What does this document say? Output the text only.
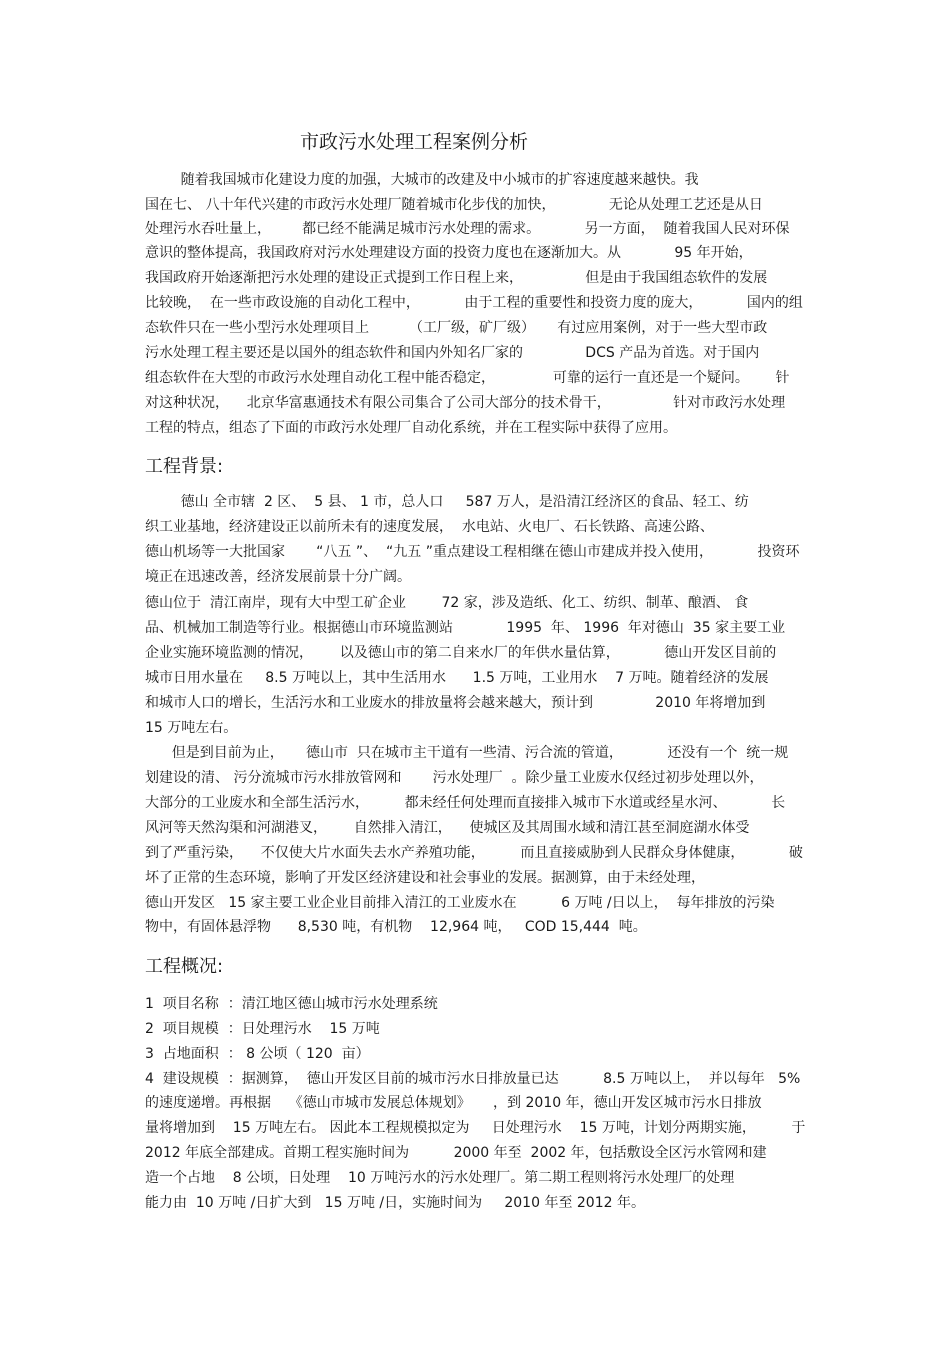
市政污水处理工程案例分析
随着我国城市化建设力度的加强，大城市的改建及中小城市的扩容速度越来越快。我
国在七、 八十年代兴建的市政污水处理厂随着城市化步伐的加快，            无论从处理工艺还是从日
处理污水吞吐量上，       都已经不能满足城市污水处理的需求。          另一方面，  随着我国人民对环保
意识的整体提高，我国政府对污水处理建设方面的投资力度也在逐渐加大。从            95 年开始，
我国政府开始逐渐把污水处理的建设正式提到工作日程上来，              但是由于我国组态软件的发展
比较晚，  在一些市政设施的自动化工程中，          由于工程的重要性和投资力度的庞大，          国内的组
态软件只在一些小型污水处理项目上         （工厂级，矿厂级）     有过应用案例，对于一些大型市政
污水处理工程主要还是以国外的组态软件和国内外知名厂家的              DCS 产品为首选。对于国内
组态软件在大型的市政污水处理自动化工程中能否稳定，             可靠的运行一直还是一个疑问。      针
对这种状况，    北京华富惠通技术有限公司集合了公司大部分的技术骨干，              针对市政污水处理
工程的特点，组态了下面的市政污水处理厂自动化系统，并在工程实际中获得了应用。
工程背景:
德山 全市辖  2 区、  5 县、 1 市，总人口     587 万人，是沿清江经济区的食品、轻工、纺
织工业基地，经济建设正以前所未有的速度发展，  水电站、火电厂、石长铁路、高速公路、
德山机场等一大批国家       “八五 ”、  “九五 ”重点建设工程相继在德山市建成并投入使用，          投资环
境正在迅速改善，经济发展前景十分广阔。
德山位于  清江南岸，现有大中型工矿企业        72 家，涉及造纸、化工、纺织、制革、酿酒、 食
品、机械加工制造等行业。根据德山市环境监测站            1995  年、 1996  年对德山  35 家主要工业
企业实施环境监测的情况，      以及德山市的第二自来水厂的年供水量估算，          德山开发区目前的
城市日用水量在     8.5 万吨以上，其中生活用水      1.5 万吨，工业用水    7 万吨。随着经济的发展
和城市人口的增长，生活污水和工业废水的排放量将会越来越大，预计到              2010 年将增加到
15 万吨左右。
但是到目前为止，     德山市  只在城市主干道有一些清、污合流的管道，          还没有一个  统一规
划建设的清、 污分流城市污水排放管网和       污水处理厂  。除少量工业废水仅经过初步处理以外，
大部分的工业废水和全部生活污水，        都未经任何处理而直接排入城市下水道或经星水河、          长
风河等天然沟渠和河湖港叉，      自然排入清江，    使城区及其周围水域和清江甚至洞庭湖水体受
到了严重污染，    不仅使大片水面失去水产养殖功能，        而且直接威胁到人民群众身体健康，          破
坏了正常的生态环境，影响了开发区经济建设和社会事业的发展。据测算，由于未经处理，
德山开发区   15 家主要工业企业目前排入清江的工业废水在          6 万吨 /日以上，  每年排放的污染
物中，有固体悬浮物      8,530 吨，有机物    12,964 吨，   COD 15,444  吨。
工程概况:
1  项目名称  ：清江地区德山城市污水处理系统
2  项目规模  ：日处理污水    15 万吨
3  占地面积  ： 8 公顷（ 120  亩）
4  建设规模  ：据测算，  德山开发区目前的城市污水日排放量已达          8.5 万吨以上，  并以每年   5%
的速度递增。再根据    《德山市城市发展总体规划》     ，到 2010 年，德山开发区城市污水日排放
量将增加到    15 万吨左右。 因此本工程规模拟定为     日处理污水    15 万吨，计划分两期实施，        于
2012 年底全部建成。首期工程实施时间为          2000 年至  2002 年，包括敷设全区污水管网和建
造一个占地    8 公顷，日处理    10 万吨污水的污水处理厂。第二期工程则将污水处理厂的处理
能力由  10 万吨 /日扩大到   15 万吨 /日，实施时间为     2010 年至 2012 年。
